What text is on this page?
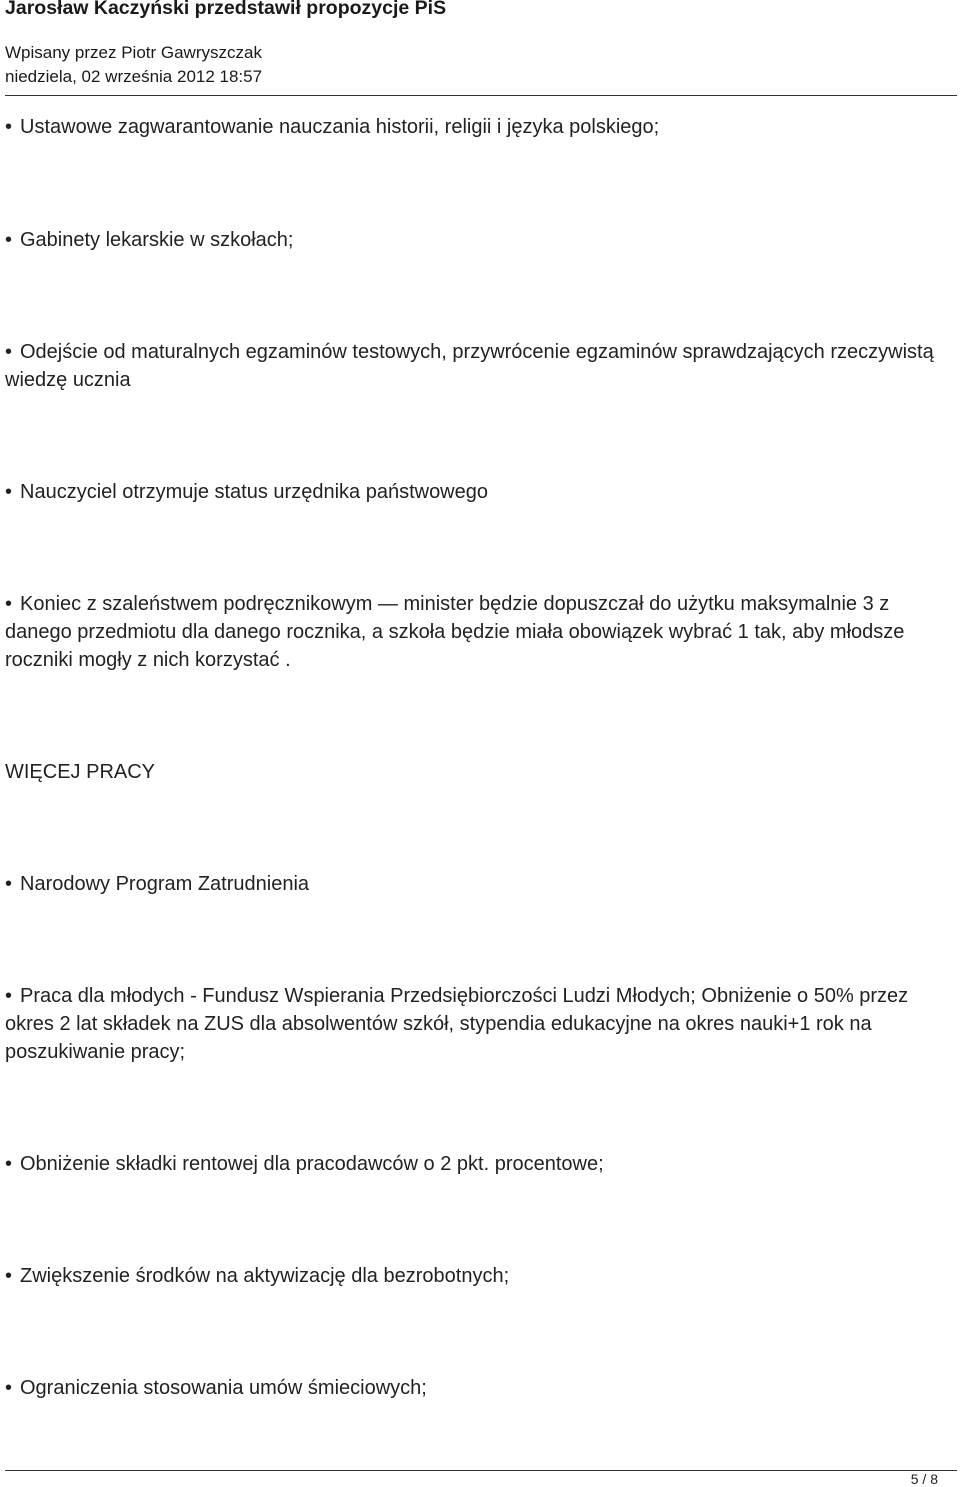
Jarosław Kaczyński przedstawił propozycje PiS
Wpisany przez Piotr Gawryszczak
niedziela, 02 września 2012 18:57

• Ustawowe zagwarantowanie nauczania historii, religii i języka polskiego;

• Gabinety lekarskie w szkołach;

• Odejście od maturalnych egzaminów testowych, przywrócenie egzaminów sprawdzających rzeczywistą wiedzę ucznia

• Nauczyciel otrzymuje status urzędnika państwowego

• Koniec z szaleństwem podręcznikowym — minister będzie dopuszczał do użytku maksymalnie 3 z danego przedmiotu dla danego rocznika, a szkoła będzie miała obowiązek wybrać 1 tak, aby młodsze roczniki mogły z nich korzystać .

WIĘCEJ PRACY

• Narodowy Program Zatrudnienia

• Praca dla młodych - Fundusz Wspierania Przedsiębiorczości Ludzi Młodych; Obniżenie o 50% przez okres 2 lat składek na ZUS dla absolwentów szkół, stypendia edukacyjne na okres nauki+1 rok na poszukiwanie pracy;

• Obniżenie składki rentowej dla pracodawców o 2 pkt. procentowe;

• Zwiększenie środków na aktywizację dla bezrobotnych;

• Ograniczenia stosowania umów śmieciowych;

5 / 8
